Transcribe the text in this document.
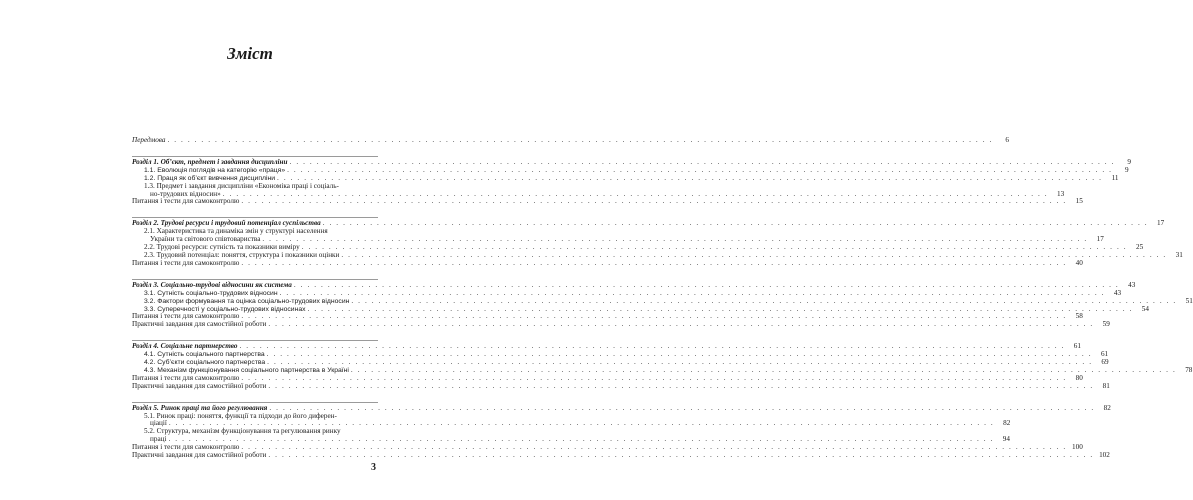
Зміст
Передмова . . .	6
Розділ 1. Об’єкт, предмет і завдання дисципліни . . .	9
1.1. Еволюція поглядів на категорію «праця» . . .	9
1.2. Праця як об’єкт вивчення дисципліни . . .	11
1.3. Предмет і завдання дисципліни «Економіка праці і соціаль-
но-трудових відносин» . . .	13
Питання і тести для самоконтролю . . .	15
Розділ 2. Трудові ресурси і трудовий потенціал суспільства . . .	17
2.1. Характеристика та динаміка змін у структурі населення
України та світового співтовариства . . .	17
2.2. Трудові ресурси: сутність та показники виміру . . .	25
2.3. Трудовий потенціал: поняття, структура і показники оцінки . . .	31
Питання і тести для самоконтролю . . .	40
Розділ 3. Соціально-трудові відносини як система . . .	43
3.1. Сутність соціально-трудових відносин . . .	43
3.2. Фактори формування та оцінка соціально-трудових відносин . . .	51
3.3. Суперечності у соціально-трудових відносинах . . .	54
Питання і тести для самоконтролю . . .	58
Практичні завдання для самостійної роботи . . .	59
Розділ 4. Соціальне партнерство . . .	61
4.1. Сутність соціального партнерства . . .	61
4.2. Суб’єкти соціального партнерства . . .	69
4.3. Механізм функціонування соціального партнерства в Україні . . .	78
Питання і тести для самоконтролю . . .	80
Практичні завдання для самостійної роботи . . .	81
Розділ 5. Ринок праці та його регулювання . . .	82
5.1. Ринок праці: поняття, функції та підходи до його диферен-
ціації . . .	82
5.2. Структура, механізм функціонування та регулювання ринку
праці . . .	94
Питання і тести для самоконтролю . . .	100
Практичні завдання для самостійної роботи . . .	102
3
